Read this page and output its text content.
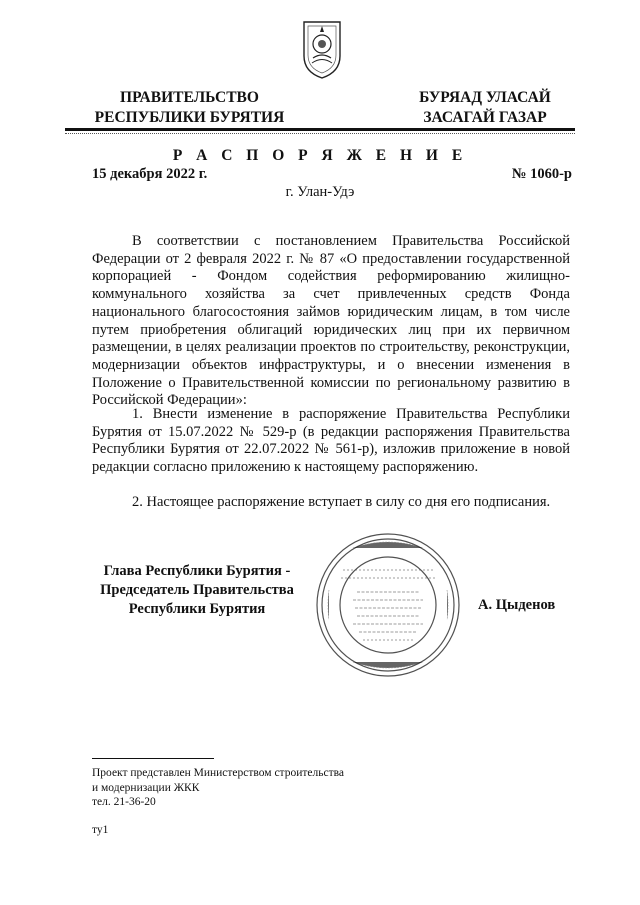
ПРАВИТЕЛЬСТВО
РЕСПУБЛИКИ БУРЯТИЯ
БУРЯАД УЛАСАЙ
ЗАСАГАЙ ГАЗАР
Р А С П О Р Я Ж Е Н И Е
15 декабря 2022 г.	№ 1060-р
г. Улан-Удэ

В соответствии с постановлением Правительства Российской Федерации от 2 февраля 2022 г. № 87 «О предоставлении государственной корпорацией - Фондом содействия реформированию жилищно-коммунального хозяйства за счет привлеченных средств Фонда национального благосостояния займов юридическим лицам, в том числе путем приобретения облигаций юридических лиц при их первичном размещении, в целях реализации проектов по строительству, реконструкции, модернизации объектов инфраструктуры, и о внесении изменения в Положение о Правительственной комиссии по региональному развитию в Российской Федерации»:

1. Внести изменение в распоряжение Правительства Республики Бурятия от 15.07.2022 № 529-р (в редакции распоряжения Правительства Республики Бурятия от 22.07.2022 № 561-р), изложив приложение в новой редакции согласно приложению к настоящему распоряжению.

2. Настоящее распоряжение вступает в силу со дня его подписания.

Глава Республики Бурятия -
Председатель Правительства
Республики Бурятия	А. Цыденов
Проект представлен Министерством строительства
и модернизации ЖКК
тел. 21-36-20
ту1
